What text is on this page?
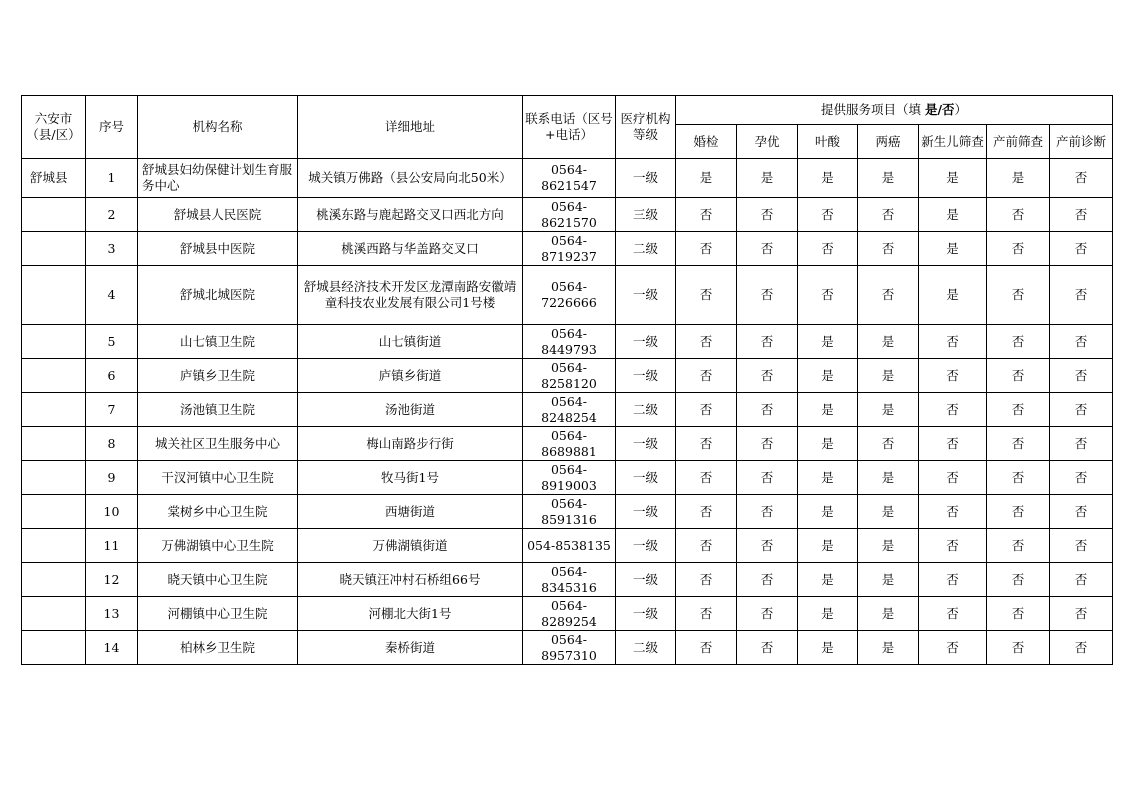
六安市（县/区）	序号	机构名称	详细地址	联系电话（区号+电话）	医疗机构等级	提供服务项目（填 是/否）						
						婚检	孕优	叶酸	两癌	新生儿筛查	产前筛查	产前诊断
舒城县	1	舒城县妇幼保健计划生育服务中心	城关镇万佛路（县公安局向北50米）	0564-8621547	一级	是	是	是	是	是	是	否
	2	舒城县人民医院	桃溪东路与鹿起路交叉口西北方向	0564-8621570	三级	否	否	否	否	是	否	否
	3	舒城县中医院	桃溪西路与华盖路交叉口	0564-8719237	二级	否	否	否	否	是	否	否
	4	舒城北城医院	舒城县经济技术开发区龙潭南路安徽靖童科技农业发展有限公司1号楼	0564-7226666	一级	否	否	否	否	是	否	否
	5	山七镇卫生院	山七镇街道	0564-8449793	一级	否	否	是	是	否	否	否
	6	庐镇乡卫生院	庐镇乡街道	0564-8258120	一级	否	否	是	是	否	否	否
	7	汤池镇卫生院	汤池街道	0564-8248254	二级	否	否	是	是	否	否	否
	8	城关社区卫生服务中心	梅山南路步行街	0564-8689881	一级	否	否	是	否	否	否	否
	9	干汊河镇中心卫生院	牧马街1号	0564-8919003	一级	否	否	是	是	否	否	否
	10	棠树乡中心卫生院	西塘街道	0564-8591316	一级	否	否	是	是	否	否	否
	11	万佛湖镇中心卫生院	万佛湖镇街道	054-8538135	一级	否	否	是	是	否	否	否
	12	晓天镇中心卫生院	晓天镇汪冲村石桥组66号	0564-8345316	一级	否	否	是	是	否	否	否
	13	河棚镇中心卫生院	河棚北大街1号	0564-8289254	一级	否	否	是	是	否	否	否
	14	柏林乡卫生院	秦桥街道	0564-8957310	二级	否	否	是	是	否	否	否
